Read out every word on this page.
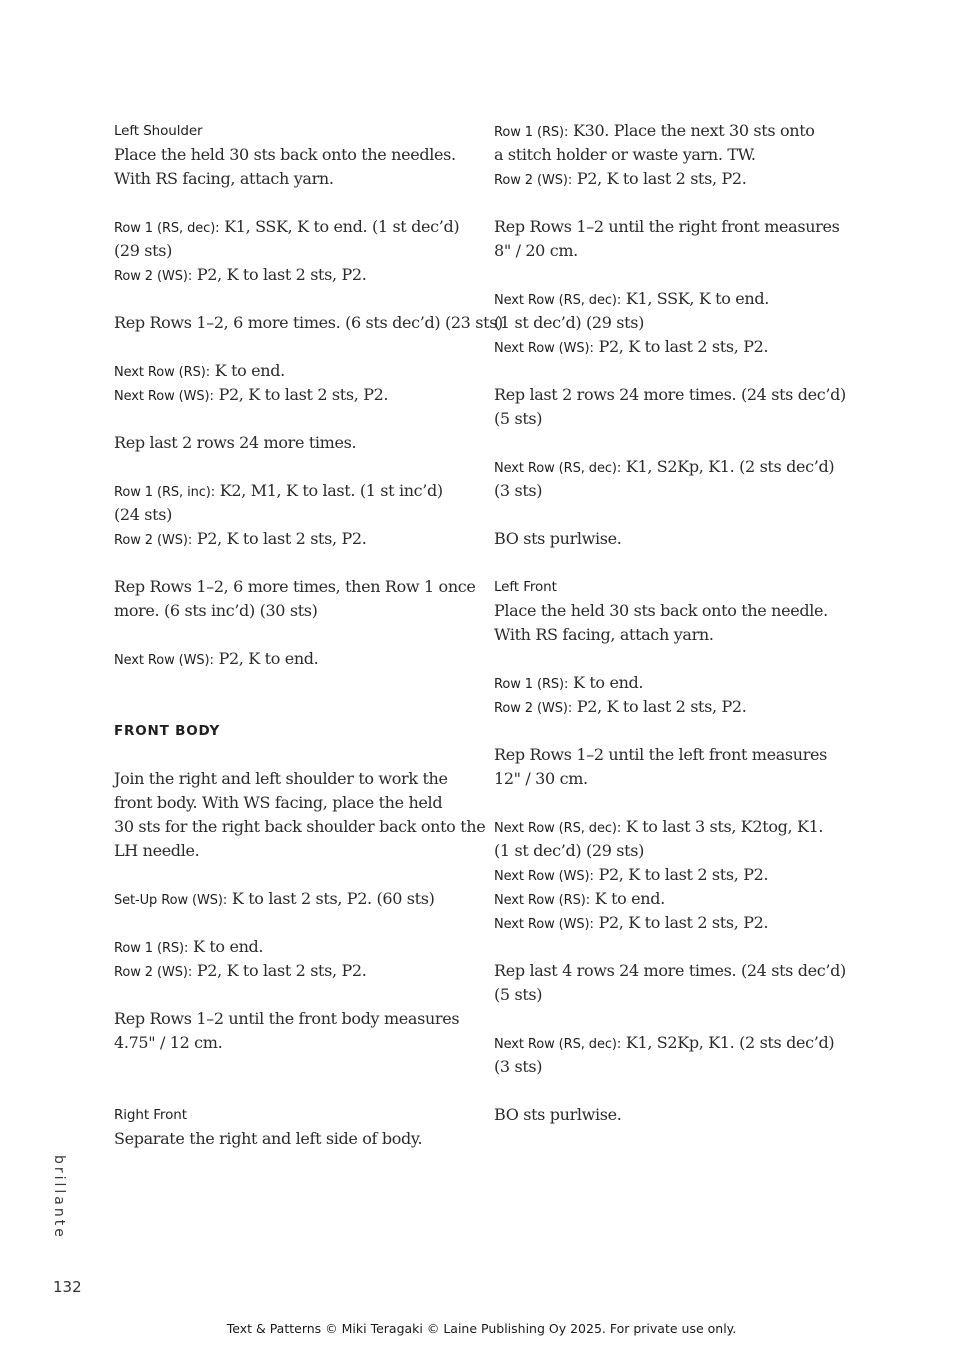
Left Shoulder
Place the held 30 sts back onto the needles.
With RS facing, attach yarn.
Row 1 (RS, dec): K1, SSK, K to end. (1 st dec’d)
(29 sts)
Row 2 (WS): P2, K to last 2 sts, P2.
Rep Rows 1–2, 6 more times. (6 sts dec’d) (23 sts)
Next Row (RS): K to end.
Next Row (WS): P2, K to last 2 sts, P2.
Rep last 2 rows 24 more times.
Row 1 (RS, inc): K2, M1, K to last. (1 st inc’d)
(24 sts)
Row 2 (WS): P2, K to last 2 sts, P2.
Rep Rows 1–2, 6 more times, then Row 1 once
more. (6 sts inc’d) (30 sts)
Next Row (WS): P2, K to end.
FRONT BODY
Join the right and left shoulder to work the
front body. With WS facing, place the held
30 sts for the right back shoulder back onto the
LH needle.
Set-Up Row (WS): K to last 2 sts, P2. (60 sts)
Row 1 (RS): K to end.
Row 2 (WS): P2, K to last 2 sts, P2.
Rep Rows 1–2 until the front body measures
4.75" / 12 cm.
Right Front
Separate the right and left side of body.
Row 1 (RS): K30. Place the next 30 sts onto
a stitch holder or waste yarn. TW.
Row 2 (WS): P2, K to last 2 sts, P2.
Rep Rows 1–2 until the right front measures
8" / 20 cm.
Next Row (RS, dec): K1, SSK, K to end.
(1 st dec’d) (29 sts)
Next Row (WS): P2, K to last 2 sts, P2.
Rep last 2 rows 24 more times. (24 sts dec’d)
(5 sts)
Next Row (RS, dec): K1, S2Kp, K1. (2 sts dec’d)
(3 sts)
BO sts purlwise.
Left Front
Place the held 30 sts back onto the needle.
With RS facing, attach yarn.
Row 1 (RS): K to end.
Row 2 (WS): P2, K to last 2 sts, P2.
Rep Rows 1–2 until the left front measures
12" / 30 cm.
Next Row (RS, dec): K to last 3 sts, K2tog, K1.
(1 st dec’d) (29 sts)
Next Row (WS): P2, K to last 2 sts, P2.
Next Row (RS): K to end.
Next Row (WS): P2, K to last 2 sts, P2.
Rep last 4 rows 24 more times. (24 sts dec’d)
(5 sts)
Next Row (RS, dec): K1, S2Kp, K1. (2 sts dec’d)
(3 sts)
BO sts purlwise.
brillante
132
Text & Patterns © Miki Teragaki © Laine Publishing Oy 2025. For private use only.
